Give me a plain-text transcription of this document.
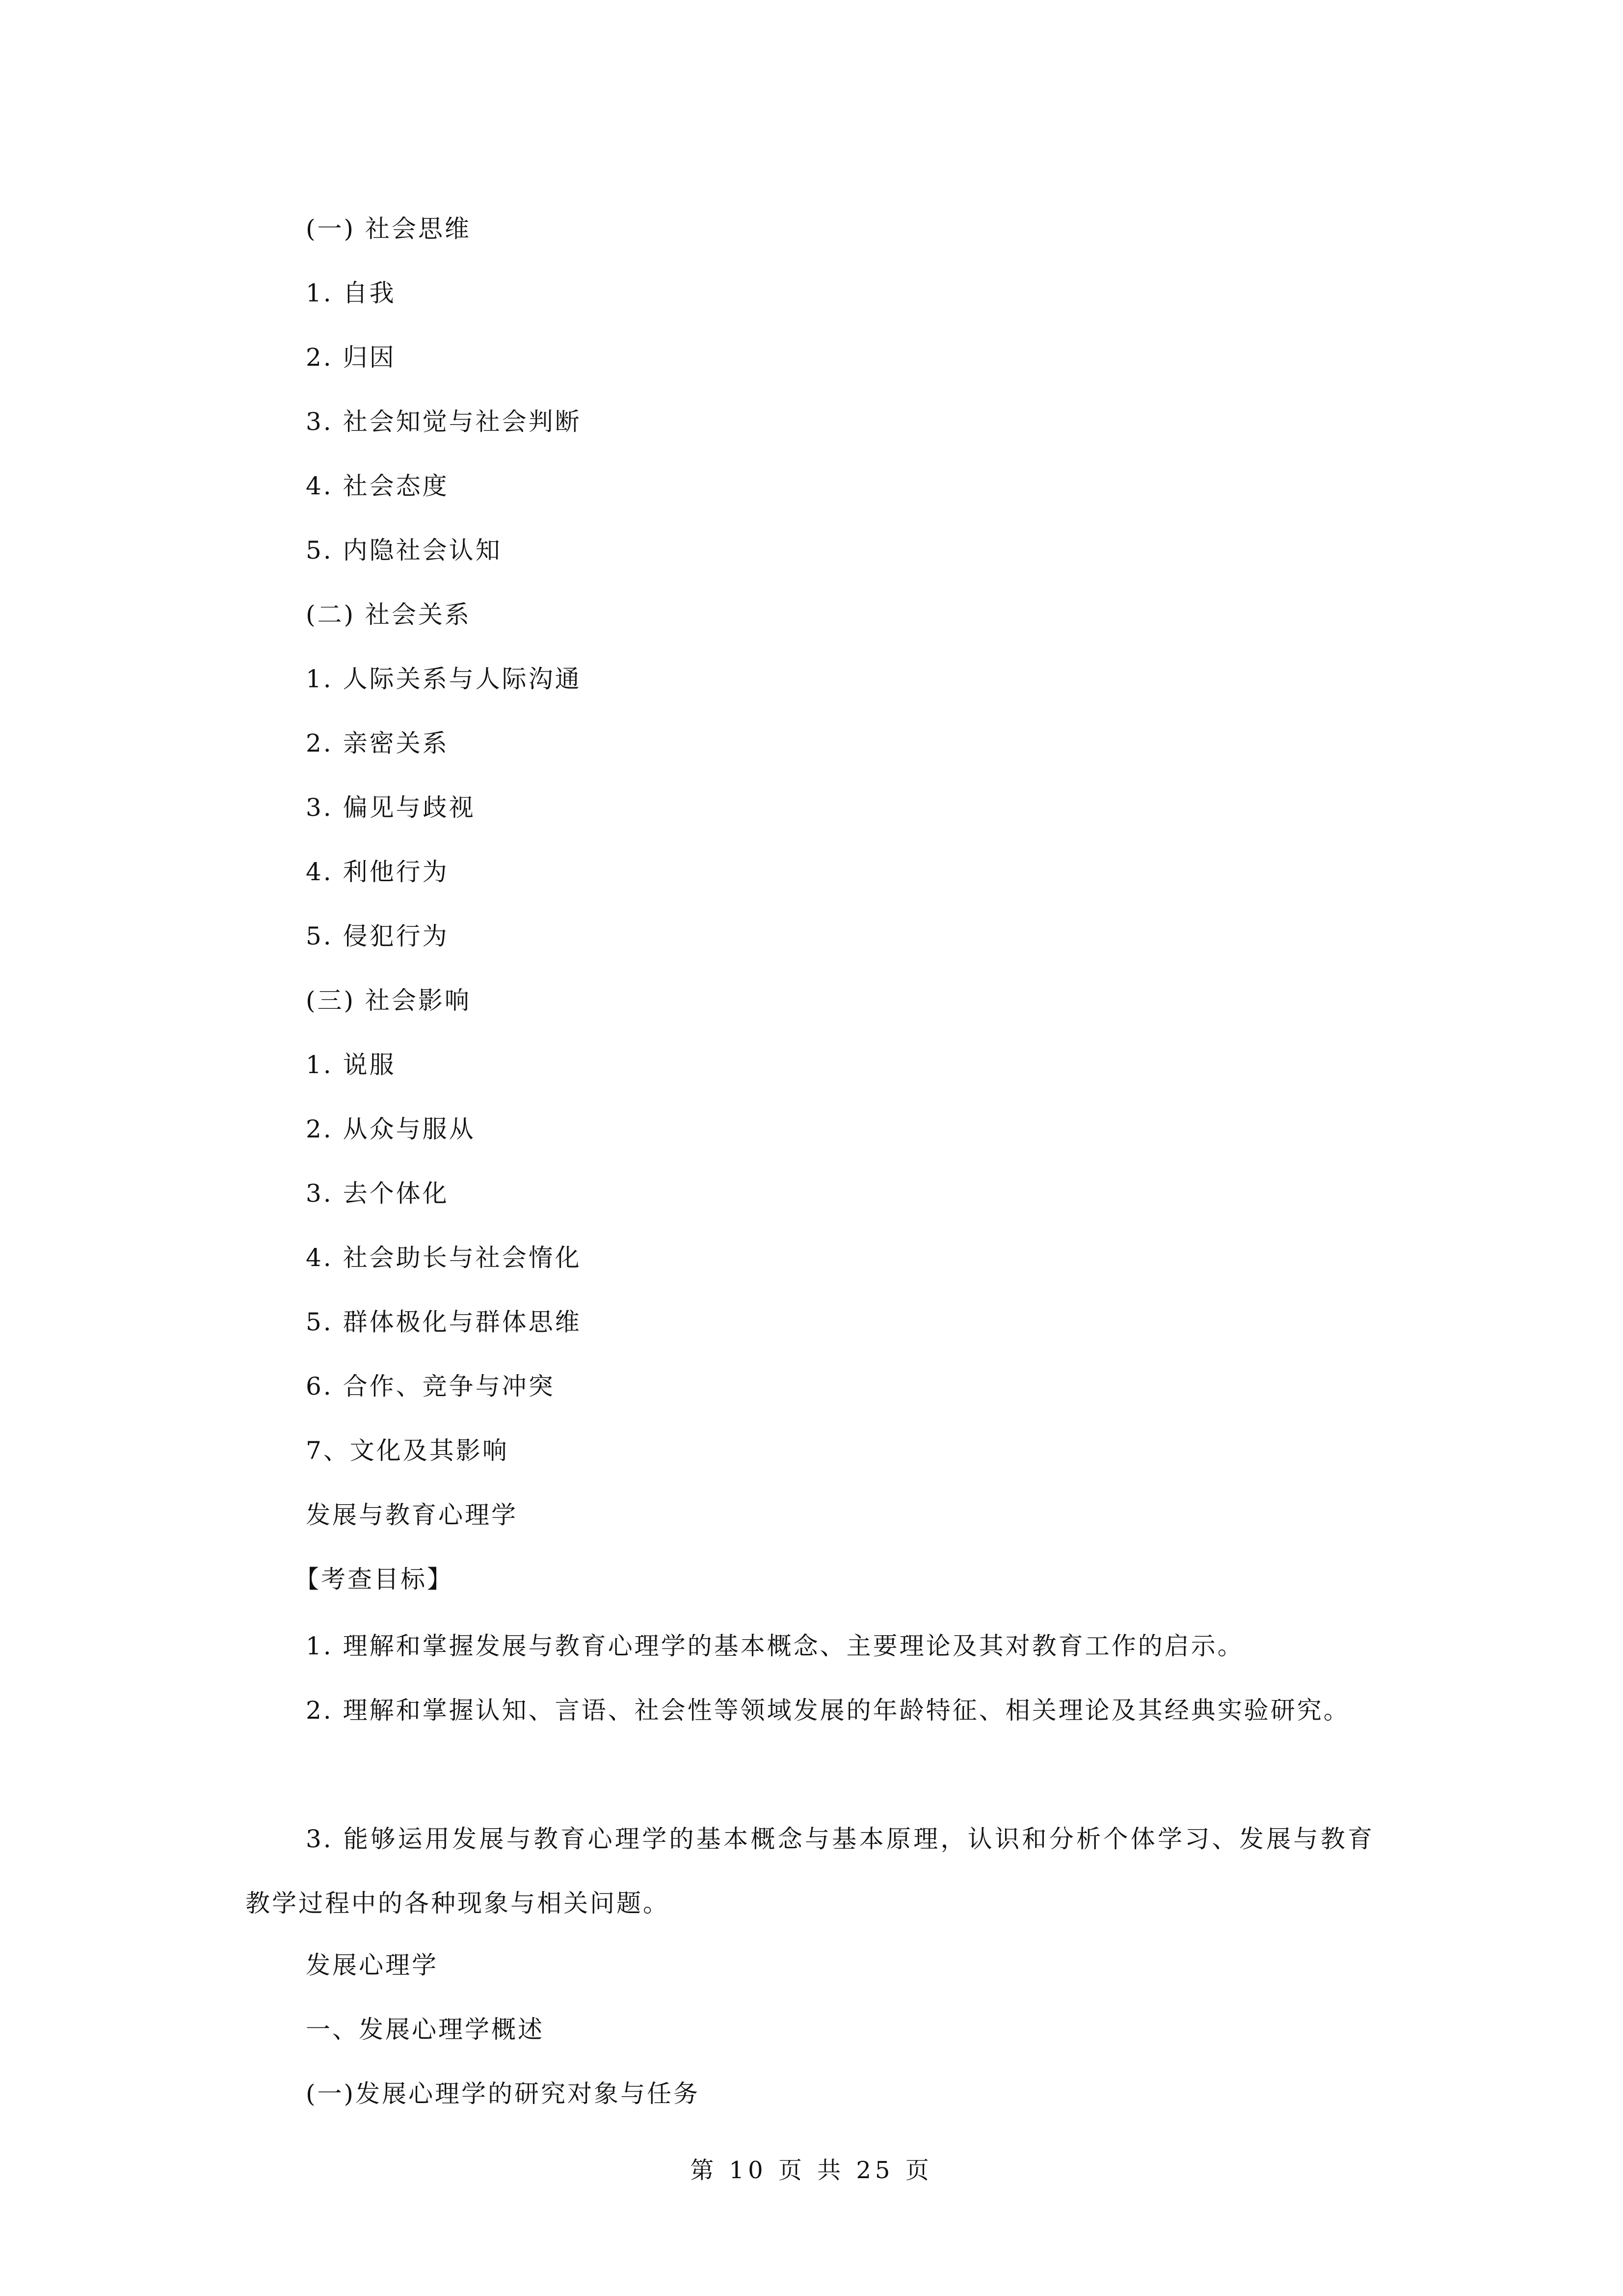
(一) 社会思维
1. 自我
2. 归因
3. 社会知觉与社会判断
4. 社会态度
5. 内隐社会认知
(二) 社会关系
1. 人际关系与人际沟通
2. 亲密关系
3. 偏见与歧视
4. 利他行为
5. 侵犯行为
(三) 社会影响
1. 说服
2. 从众与服从
3. 去个体化
4. 社会助长与社会惰化
5. 群体极化与群体思维
6. 合作、竞争与冲突
7、文化及其影响
发展与教育心理学
【考查目标】
1. 理解和掌握发展与教育心理学的基本概念、主要理论及其对教育工作的启示。
2. 理解和掌握认知、言语、社会性等领域发展的年龄特征、相关理论及其经典实验研究。
3. 能够运用发展与教育心理学的基本概念与基本原理，认识和分析个体学习、发展与教育教学过程中的各种现象与相关问题。
发展心理学
一、发展心理学概述
(一)发展心理学的研究对象与任务
第 10 页 共 25 页
